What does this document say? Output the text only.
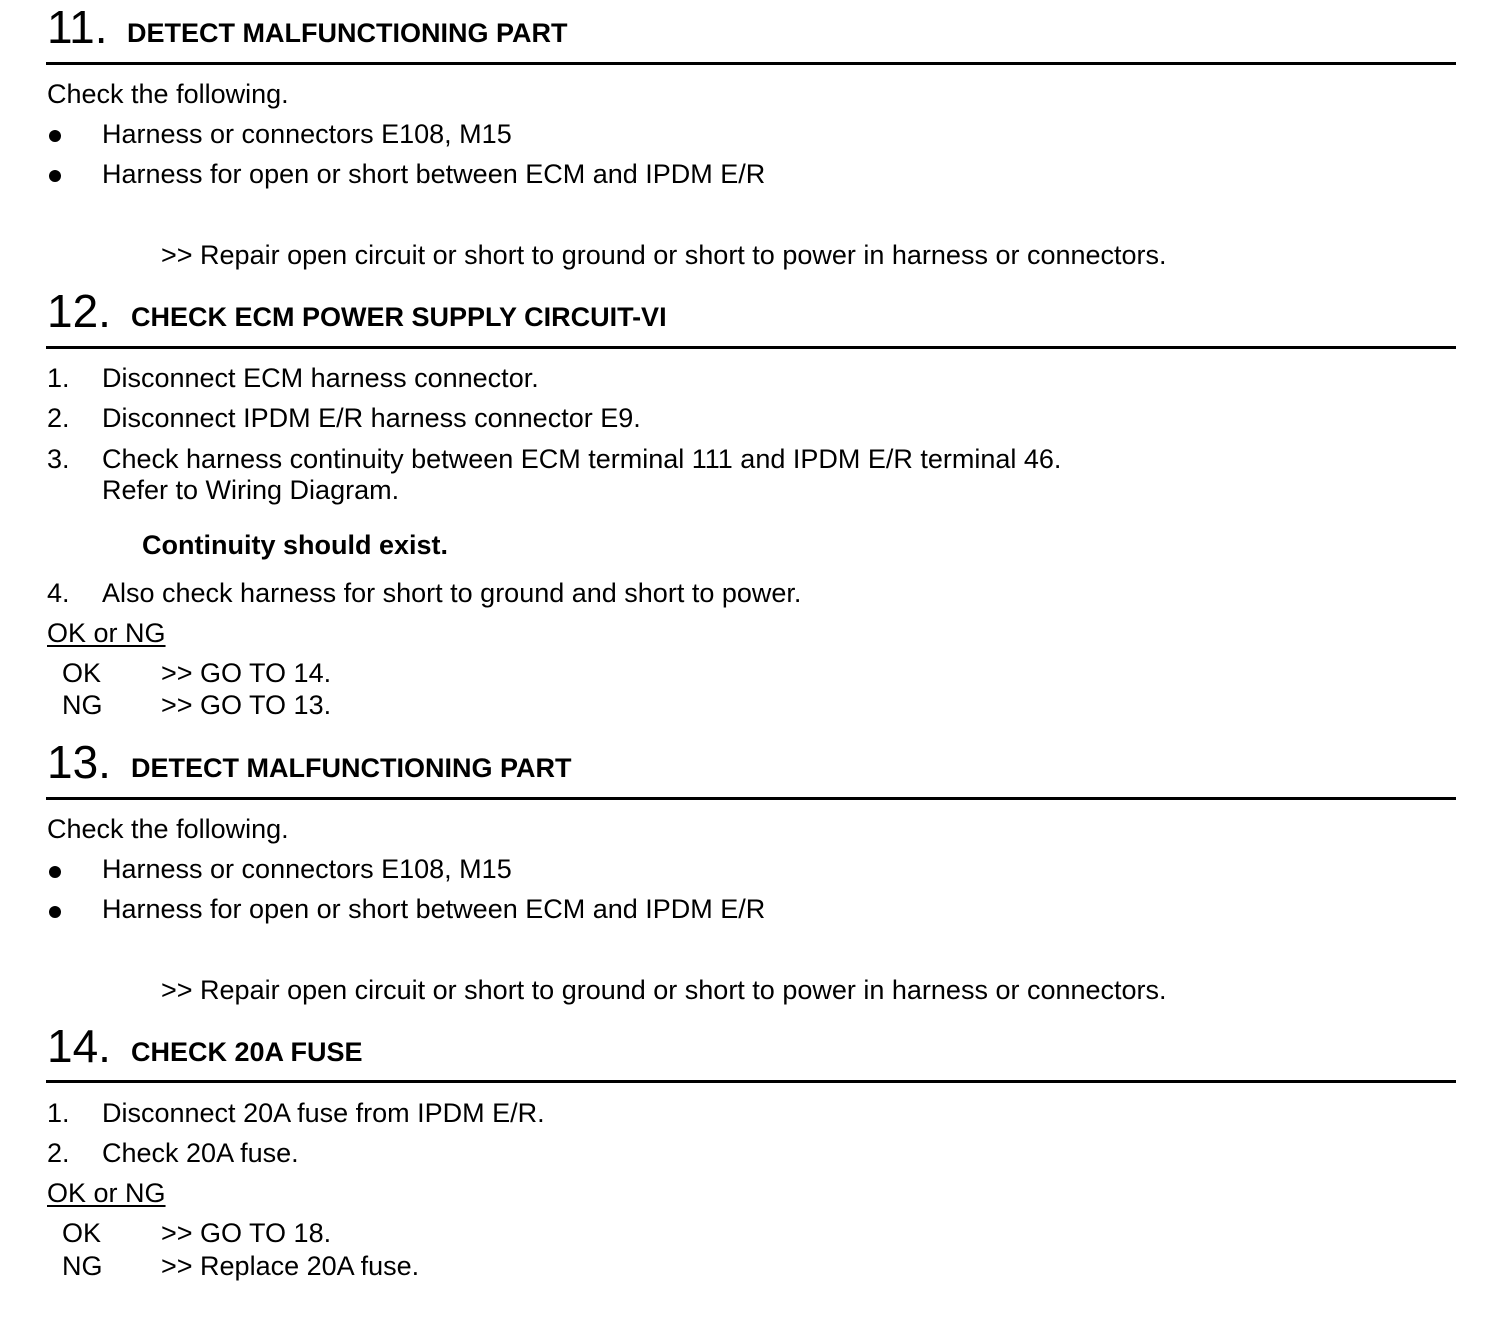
11. DETECT MALFUNCTIONING PART
Check the following.
Harness or connectors E108, M15
Harness for open or short between ECM and IPDM E/R
>> Repair open circuit or short to ground or short to power in harness or connectors.
12. CHECK ECM POWER SUPPLY CIRCUIT-VI
1. Disconnect ECM harness connector.
2. Disconnect IPDM E/R harness connector E9.
3. Check harness continuity between ECM terminal 111 and IPDM E/R terminal 46.
Refer to Wiring Diagram.
Continuity should exist.
4. Also check harness for short to ground and short to power.
OK or NG
OK >> GO TO 14.
NG >> GO TO 13.
13. DETECT MALFUNCTIONING PART
Check the following.
Harness or connectors E108, M15
Harness for open or short between ECM and IPDM E/R
>> Repair open circuit or short to ground or short to power in harness or connectors.
14. CHECK 20A FUSE
1. Disconnect 20A fuse from IPDM E/R.
2. Check 20A fuse.
OK or NG
OK >> GO TO 18.
NG >> Replace 20A fuse.
